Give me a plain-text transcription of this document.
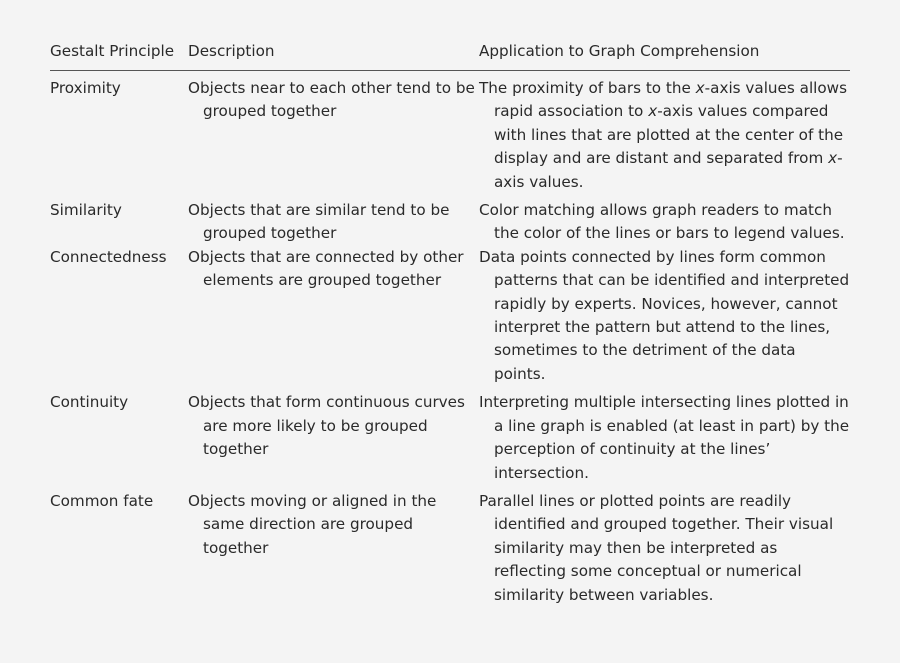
Gestalt Principle	Description	Application to Graph Comprehension
Proximity	Objects near to each other tend to be grouped together	The proximity of bars to the x-axis values allows rapid association to x-axis values compared with lines that are plotted at the center of the display and are distant and separated from x-axis values.

Similarity	Objects that are similar tend to be grouped together	Color matching allows graph readers to match the color of the lines or bars to legend values.

Connectedness	Objects that are connected by other elements are grouped together	Data points connected by lines form common patterns that can be identified and interpreted rapidly by experts. Novices, however, cannot interpret the pattern but attend to the lines, sometimes to the detriment of the data points.

Continuity	Objects that form continuous curves are more likely to be grouped together	Interpreting multiple intersecting lines plotted in a line graph is enabled (at least in part) by the perception of continuity at the lines’ intersection.

Common fate	Objects moving or aligned in the same direction are grouped together	Parallel lines or plotted points are readily identified and grouped together. Their visual similarity may then be interpreted as reflecting some conceptual or numerical similarity between variables.
